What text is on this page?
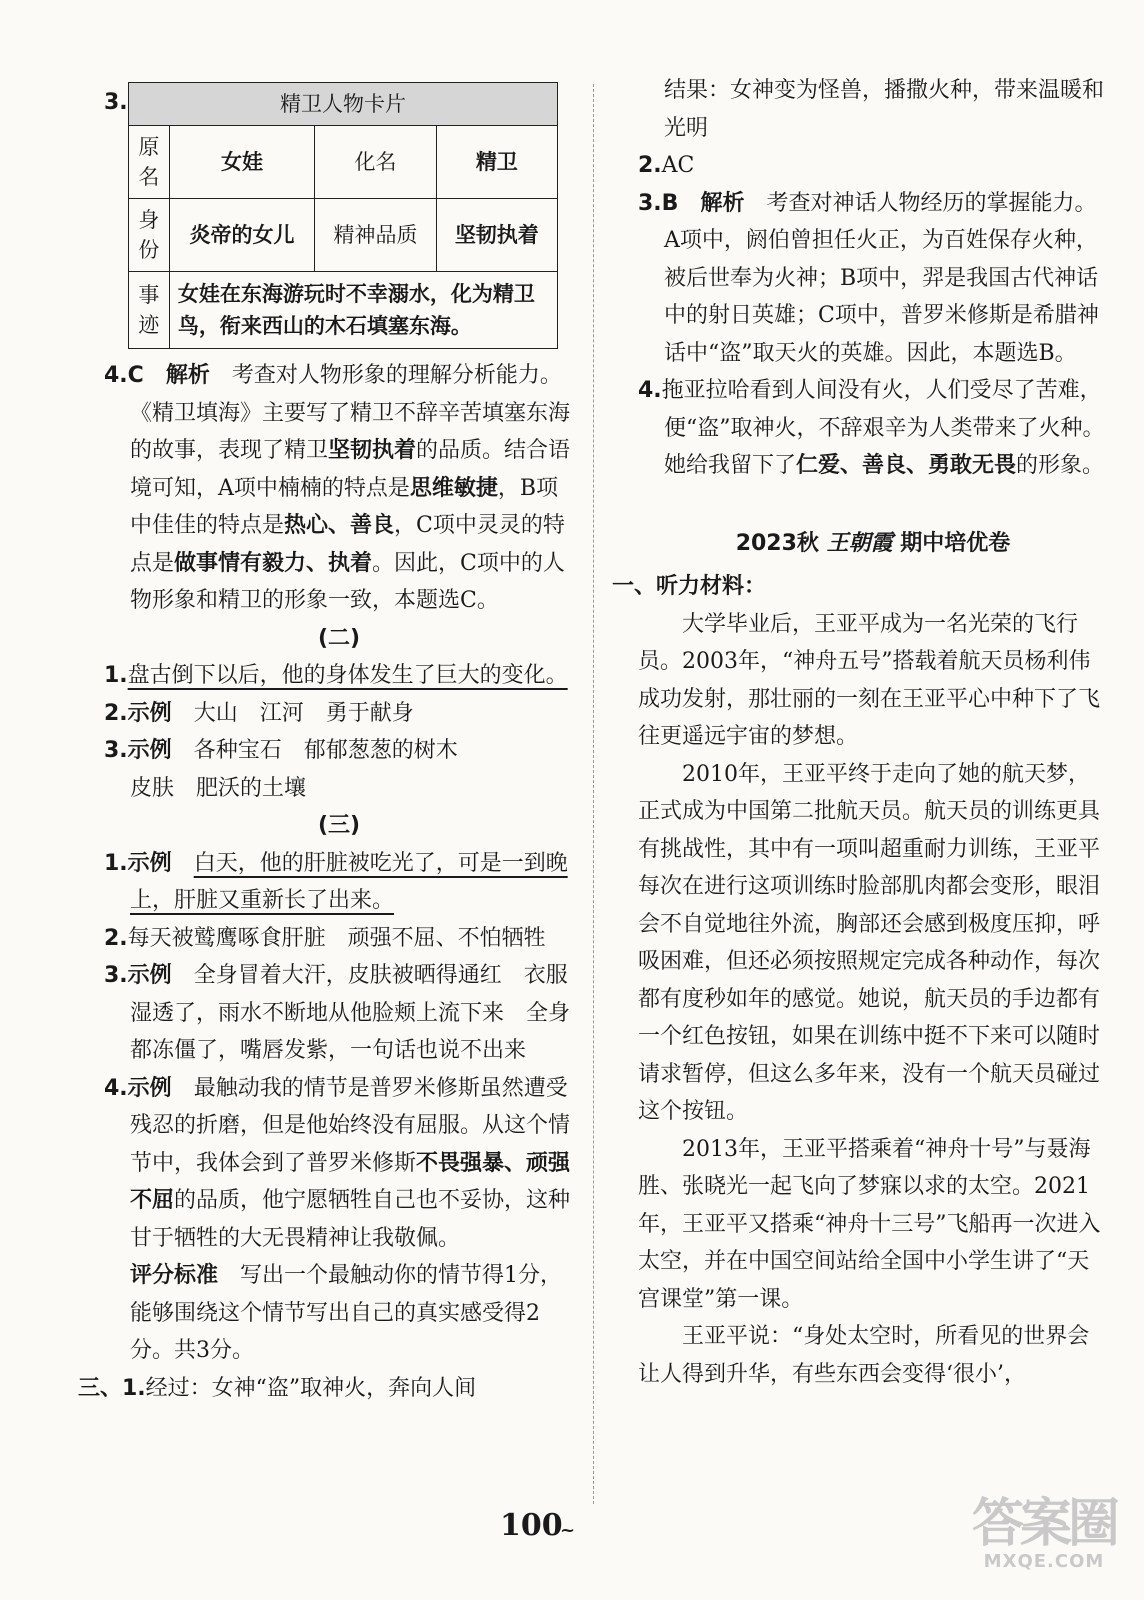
3.	精卫人物卡片			
原名	女娃	化名	精卫
身份	炎帝的女儿	精神品质	坚韧执着
事迹	女娃在东海游玩时不幸溺水，化为精卫鸟，衔来西山的木石填塞东海。		

4.C　解析　 考查对人物形象的理解分析能力。《精卫填海》主要写了精卫不辞辛苦填塞东海的故事，表现了精卫坚韧执着的品质。结合语境可知，A项中楠楠的特点是思维敏捷，B项中佳佳的特点是热心、善良，C项中灵灵的特点是做事情有毅力、执着。因此，C项中的人物形象和精卫的形象一致，本题选C。

(二)

1.盘古倒下以后，他的身体发生了巨大的变化。

2.示例　 大山　江河　勇于献身

3.示例　 各种宝石　郁郁葱葱的树木

皮肤　肥沃的土壤

(三)

1.示例　 白天，他的肝脏被吃光了，可是一到晚上，肝脏又重新长了出来。

2.每天被鹫鹰啄食肝脏　顽强不屈、不怕牺牲

3.示例　 全身冒着大汗，皮肤被晒得通红　衣服湿透了，雨水不断地从他脸颊上流下来　全身都冻僵了，嘴唇发紫，一句话也说不出来

4.示例　 最触动我的情节是普罗米修斯虽然遭受残忍的折磨，但是他始终没有屈服。从这个情节中，我体会到了普罗米修斯不畏强暴、顽强不屈的品质，他宁愿牺牲自己也不妥协，这种甘于牺牲的大无畏精神让我敬佩。

评分标准　 写出一个最触动你的情节得1分，能够围绕这个情节写出自己的真实感受得2分。共3分。

三、1.经过：女神“盗”取神火，奔向人间

结果：女神变为怪兽，播撒火种，带来温暖和光明

2.AC

3.B　解析　 考查对神话人物经历的掌握能力。A项中，阏伯曾担任火正，为百姓保存火种，被后世奉为火神；B项中，羿是我国古代神话中的射日英雄；C项中，普罗米修斯是希腊神话中“盗”取天火的英雄。因此，本题选B。

4.拖亚拉哈看到人间没有火，人们受尽了苦难，便“盗”取神火，不辞艰辛为人类带来了火种。她给我留下了仁爱、善良、勇敢无畏的形象。

2023秋 王朝霞 期中培优卷

一、听力材料：

大学毕业后，王亚平成为一名光荣的飞行员。2003年，“神舟五号”搭载着航天员杨利伟成功发射，那壮丽的一刻在王亚平心中种下了飞往更遥远宇宙的梦想。

2010年，王亚平终于走向了她的航天梦，正式成为中国第二批航天员。航天员的训练更具有挑战性，其中有一项叫超重耐力训练，王亚平每次在进行这项训练时脸部肌肉都会变形，眼泪会不自觉地往外流，胸部还会感到极度压抑，呼吸困难，但还必须按照规定完成各种动作，每次都有度秒如年的感觉。她说，航天员的手边都有一个红色按钮，如果在训练中挺不下来可以随时请求暂停，但这么多年来，没有一个航天员碰过这个按钮。

2013年，王亚平搭乘着“神舟十号”与聂海胜、张晓光一起飞向了梦寐以求的太空。2021年，王亚平又搭乘“神舟十三号”飞船再一次进入太空，并在中国空间站给全国中小学生讲了“天宫课堂”第一课。

王亚平说：“身处太空时，所看见的世界会让人得到升华，有些东西会变得‘很小’，

100 ~	答案圈
MXQE.COM
